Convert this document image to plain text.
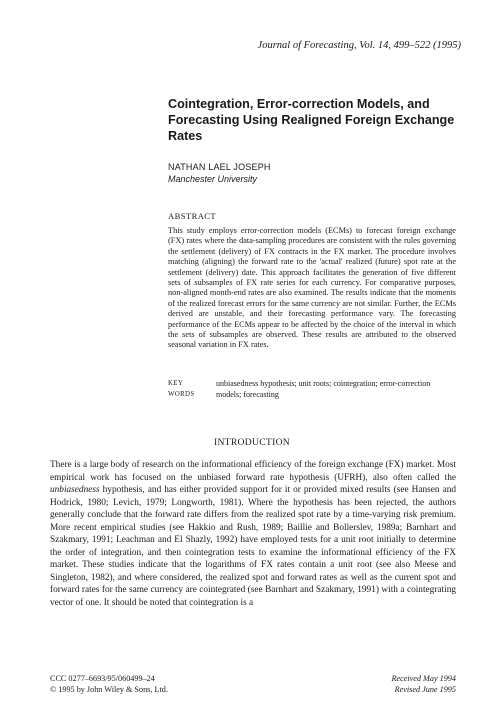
Journal of Forecasting, Vol. 14, 499–522 (1995)
Cointegration, Error-correction Models, and Forecasting Using Realigned Foreign Exchange Rates
NATHAN LAEL JOSEPH
Manchester University
ABSTRACT
This study employs error-correction models (ECMs) to forecast foreign exchange (FX) rates where the data-sampling procedures are consistent with the rules governing the settlement (delivery) of FX contracts in the FX market. The procedure involves matching (aligning) the forward rate to the 'actual' realized (future) spot rate at the settlement (delivery) date. This approach facilitates the generation of five different sets of subsamples of FX rate series for each currency. For comparative purposes, non-aligned month-end rates are also examined. The results indicate that the moments of the realized forecast errors for the same currency are not similar. Further, the ECMs derived are unstable, and their forecasting performance vary. The forecasting performance of the ECMs appear to be affected by the choice of the interval in which the sets of subsamples are observed. These results are attributed to the observed seasonal variation in FX rates.
KEY WORDSunbiasedness hypothesis; unit roots; cointegration; error-correction models; forecasting
INTRODUCTION
There is a large body of research on the informational efficiency of the foreign exchange (FX) market. Most empirical work has focused on the unbiased forward rate hypothesis (UFRH), also often called the unbiasedness hypothesis, and has either provided support for it or provided mixed results (see Hansen and Hodrick, 1980; Levich, 1979; Longworth, 1981). Where the hypothesis has been rejected, the authors generally conclude that the forward rate differs from the realized spot rate by a time-varying risk premium. More recent empirical studies (see Hakkio and Rush, 1989; Baillie and Bollerslev, 1989a; Barnhart and Szakmary, 1991; Leachman and El Shazly, 1992) have employed tests for a unit root initially to determine the order of integration, and then cointegration tests to examine the informational efficiency of the FX market. These studies indicate that the logarithms of FX rates contain a unit root (see also Meese and Singleton, 1982), and where considered, the realized spot and forward rates as well as the current spot and forward rates for the same currency are cointegrated (see Barnhart and Szakmary, 1991) with a cointegrating vector of one. It should be noted that cointegration is a
CCC 0277–6693/95/060499–24
© 1995 by John Wiley & Sons, Ltd.
Received May 1994
Revised June 1995
